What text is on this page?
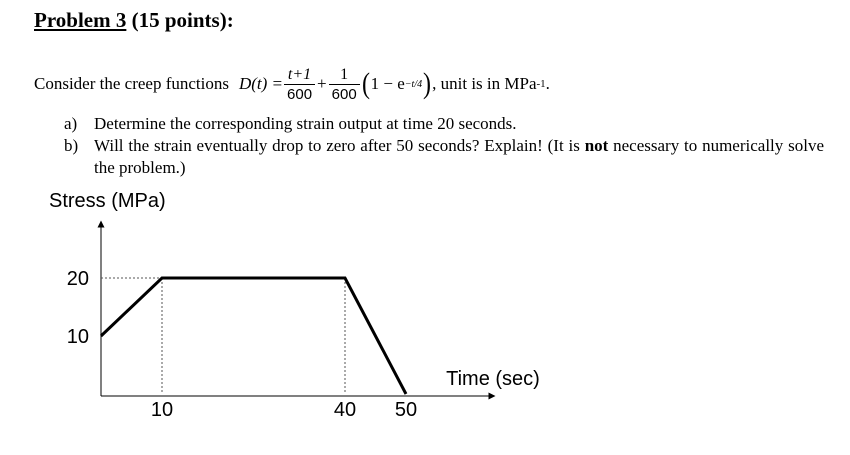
Problem 3 (15 points):
Consider the creep functions $D(t) = \frac{t+1}{600} + \frac{1}{600}$ ( 1 − e −t/4 ) , unit is in MPa -1 .
a) Determine the corresponding strain output at time 20 seconds.
b) Will the strain eventually drop to zero after 50 seconds? Explain! (It is not necessary to numerically solve the problem.)
Stress (MPa)
Time (sec)
10	40 50
10
20
